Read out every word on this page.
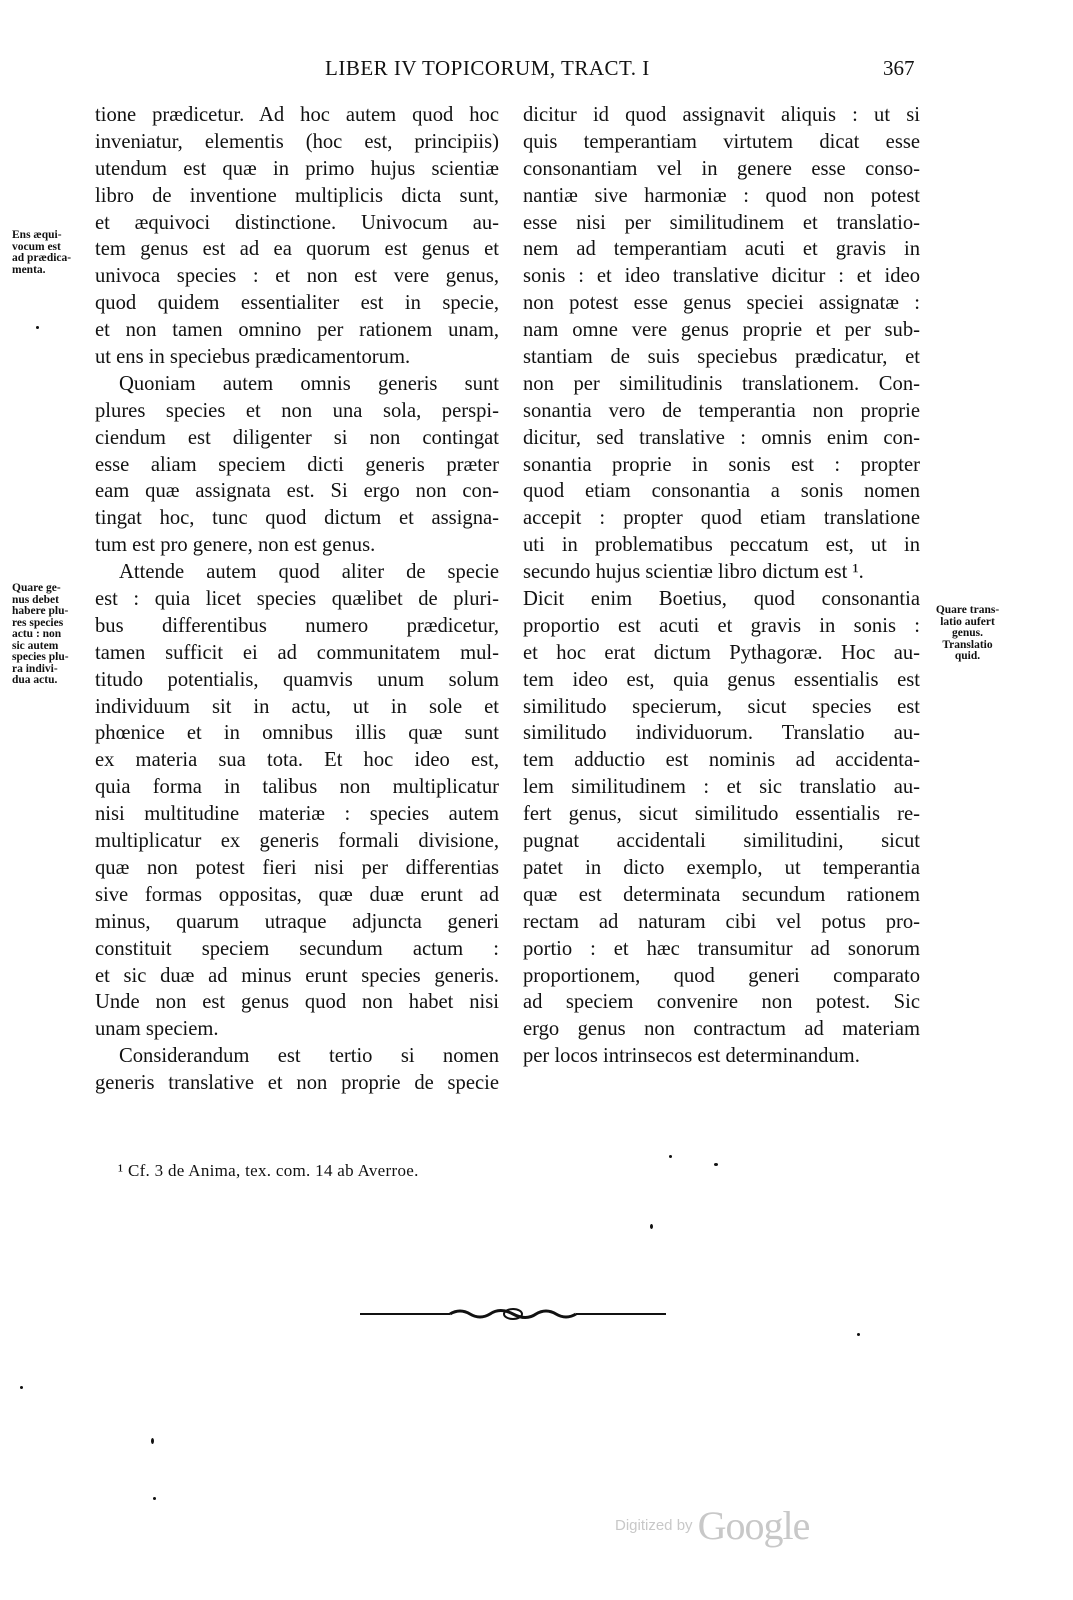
LIBER IV TOPICORUM, TRACT. I	367
Ens æqui-
vocum est
ad prædica-
menta.
Quare ge-
nus debet
habere plu-
res species
actu : non
sic autem
species plu-
ra indivi-
dua actu.
Quare trans-
latio aufert
genus.
Translatio
quid.
tione prædicetur. Ad hoc autem quod hoc
inveniatur, elementis (hoc est, principiis)
utendum est quæ in primo hujus scientiæ
libro de inventione multiplicis dicta sunt,
et æquivoci distinctione. Univocum au-
tem genus est ad ea quorum est genus et
univoca species : et non est vere genus,
quod quidem essentialiter est in specie,
et non tamen omnino per rationem unam,
ut ens in speciebus prædicamentorum.
Quoniam autem omnis generis sunt
plures species et non una sola, perspi-
ciendum est diligenter si non contingat
esse aliam speciem dicti generis præter
eam quæ assignata est. Si ergo non con-
tingat hoc, tunc quod dictum et assigna-
tum est pro genere, non est genus.
Attende autem quod aliter de specie
est : quia licet species quælibet de pluri-
bus differentibus numero prædicetur,
tamen sufficit ei ad communitatem mul-
titudo potentialis, quamvis unum solum
individuum sit in actu, ut in sole et
phœnice et in omnibus illis quæ sunt
ex materia sua tota. Et hoc ideo est,
quia forma in talibus non multiplicatur
nisi multitudine materiæ : species autem
multiplicatur ex generis formali divisione,
quæ non potest fieri nisi per differentias
sive formas oppositas, quæ duæ erunt ad
minus, quarum utraque adjuncta generi
constituit speciem secundum actum :
et sic duæ ad minus erunt species generis.
Unde non est genus quod non habet nisi
unam speciem.
Considerandum est tertio si nomen
generis translative et non proprie de specie
dicitur id quod assignavit aliquis : ut si
quis temperantiam virtutem dicat esse
consonantiam vel in genere esse conso-
nantiæ sive harmoniæ : quod non potest
esse nisi per similitudinem et translatio-
nem ad temperantiam acuti et gravis in
sonis : et ideo translative dicitur : et ideo
non potest esse genus speciei assignatæ :
nam omne vere genus proprie et per sub-
stantiam de suis speciebus prædicatur, et
non per similitudinis translationem. Con-
sonantia vero de temperantia non proprie
dicitur, sed translative : omnis enim con-
sonantia proprie in sonis est : propter
quod etiam consonantia a sonis nomen
accepit : propter quod etiam translatione
uti in problematibus peccatum est, ut in
secundo hujus scientiæ libro dictum est ¹.
Dicit enim Boetius, quod consonantia
proportio est acuti et gravis in sonis :
et hoc erat dictum Pythagoræ. Hoc au-
tem ideo est, quia genus essentialis est
similitudo specierum, sicut species est
similitudo individuorum. Translatio au-
tem adductio est nominis ad accidenta-
lem similitudinem : et sic translatio au-
fert genus, sicut similitudo essentialis re-
pugnat accidentali similitudini, sicut
patet in dicto exemplo, ut temperantia
quæ est determinata secundum rationem
rectam ad naturam cibi vel potus pro-
portio : et hæc transumitur ad sonorum
proportionem, quod generi comparato
ad speciem convenire non potest. Sic
ergo genus non contractum ad materiam
per locos intrinsecos est determinandum.
¹ Cf. 3 de Anima, tex. com. 14 ab Averroe.
Digitized by Google
